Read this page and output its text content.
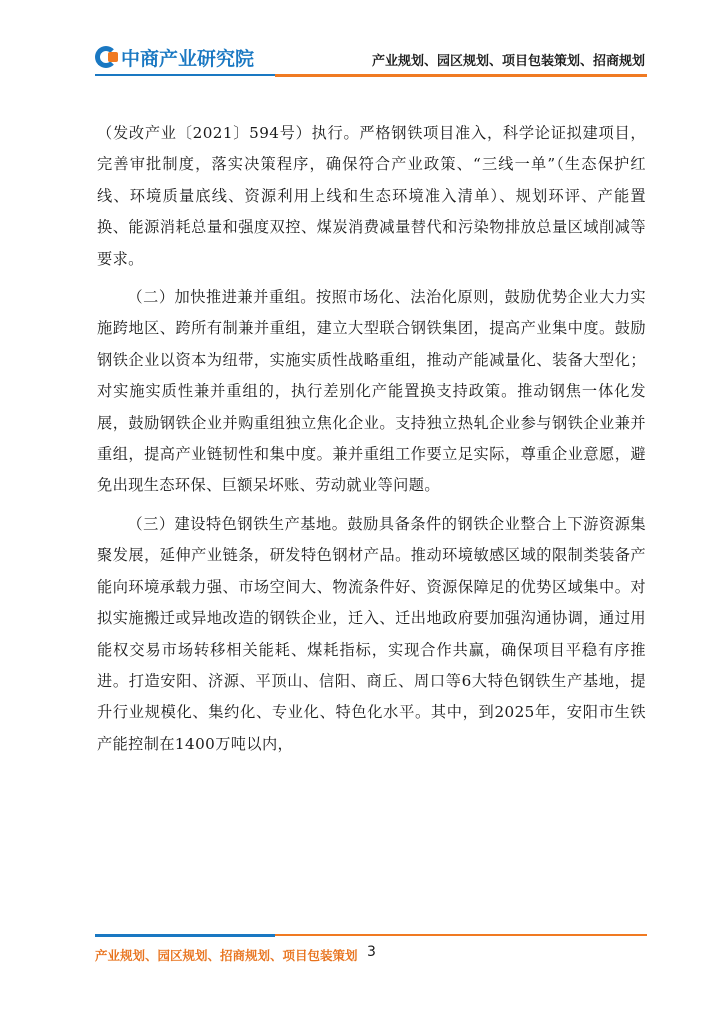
中商产业研究院	产业规划、园区规划、项目包装策划、招商规划

（发改产业〔2021〕594号）执行。严格钢铁项目准入，科学论证拟建项目，完善审批制度，落实决策程序，确保符合产业政策、“三线一单”（生态保护红线、环境质量底线、资源利用上线和生态环境准入清单）、规划环评、产能置换、能源消耗总量和强度双控、煤炭消费减量替代和污染物排放总量区域削减等要求。

（二）加快推进兼并重组。按照市场化、法治化原则，鼓励优势企业大力实施跨地区、跨所有制兼并重组，建立大型联合钢铁集团，提高产业集中度。鼓励钢铁企业以资本为纽带，实施实质性战略重组，推动产能减量化、装备大型化；对实施实质性兼并重组的，执行差别化产能置换支持政策。推动钢焦一体化发展，鼓励钢铁企业并购重组独立焦化企业。支持独立热轧企业参与钢铁企业兼并重组，提高产业链韧性和集中度。兼并重组工作要立足实际，尊重企业意愿，避免出现生态环保、巨额呆坏账、劳动就业等问题。

（三）建设特色钢铁生产基地。鼓励具备条件的钢铁企业整合上下游资源集聚发展，延伸产业链条，研发特色钢材产品。推动环境敏感区域的限制类装备产能向环境承载力强、市场空间大、物流条件好、资源保障足的优势区域集中。对拟实施搬迁或异地改造的钢铁企业，迁入、迁出地政府要加强沟通协调，通过用能权交易市场转移相关能耗、煤耗指标，实现合作共赢，确保项目平稳有序推进。打造安阳、济源、平顶山、信阳、商丘、周口等6大特色钢铁生产基地，提升行业规模化、集约化、专业化、特色化水平。其中，到2025年，安阳市生铁产能控制在1400万吨以内，

产业规划、园区规划、招商规划、项目包装策划 3
